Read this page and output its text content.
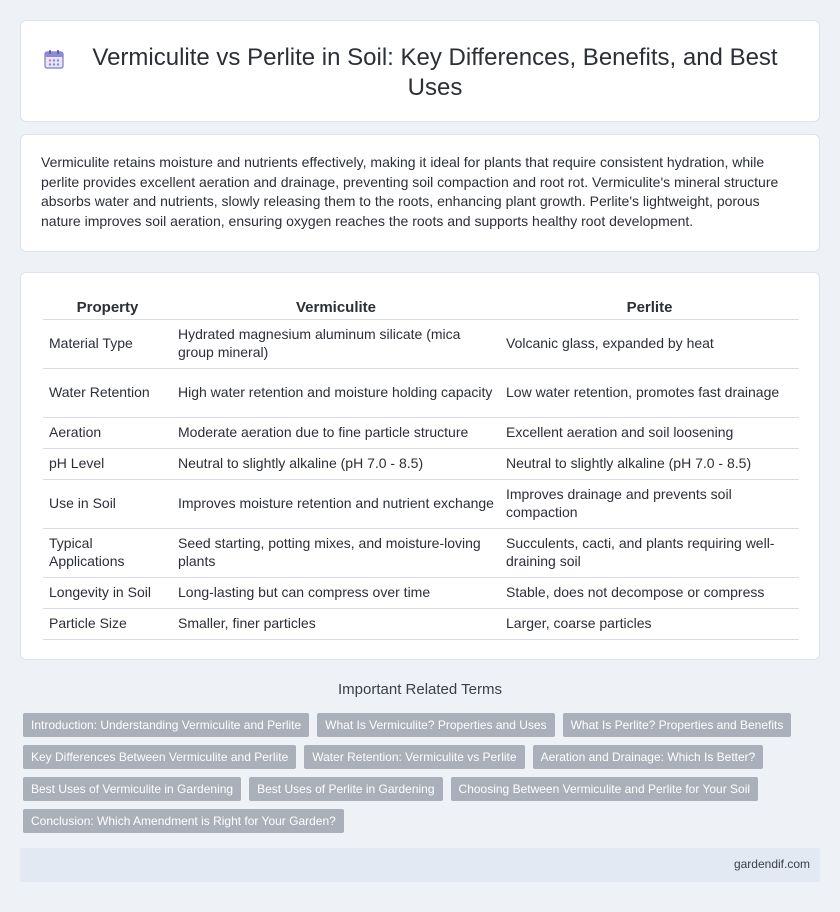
Vermiculite vs Perlite in Soil: Key Differences, Benefits, and Best Uses

Vermiculite retains moisture and nutrients effectively, making it ideal for plants that require consistent hydration, while perlite provides excellent aeration and drainage, preventing soil compaction and root rot. Vermiculite's mineral structure absorbs water and nutrients, slowly releasing them to the roots, enhancing plant growth. Perlite's lightweight, porous nature improves soil aeration, ensuring oxygen reaches the roots and supports healthy root development.

Property	Vermiculite	Perlite
Material Type	Hydrated magnesium aluminum silicate (mica group mineral)	Volcanic glass, expanded by heat
Water Retention	High water retention and moisture holding capacity	Low water retention, promotes fast drainage
Aeration	Moderate aeration due to fine particle structure	Excellent aeration and soil loosening
pH Level	Neutral to slightly alkaline (pH 7.0 - 8.5)	Neutral to slightly alkaline (pH 7.0 - 8.5)
Use in Soil	Improves moisture retention and nutrient exchange	Improves drainage and prevents soil compaction
Typical Applications	Seed starting, potting mixes, and moisture-loving plants	Succulents, cacti, and plants requiring well-draining soil
Longevity in Soil	Long-lasting but can compress over time	Stable, does not decompose or compress
Particle Size	Smaller, finer particles	Larger, coarse particles
Important Related Terms
Introduction: Understanding Vermiculite and Perlite	What Is Vermiculite? Properties and Uses	What Is Perlite? Properties and Benefits
Key Differences Between Vermiculite and Perlite	Water Retention: Vermiculite vs Perlite	Aeration and Drainage: Which Is Better?
Best Uses of Vermiculite in Gardening	Best Uses of Perlite in Gardening	Choosing Between Vermiculite and Perlite for Your Soil
Conclusion: Which Amendment is Right for Your Garden?
gardendif.com
